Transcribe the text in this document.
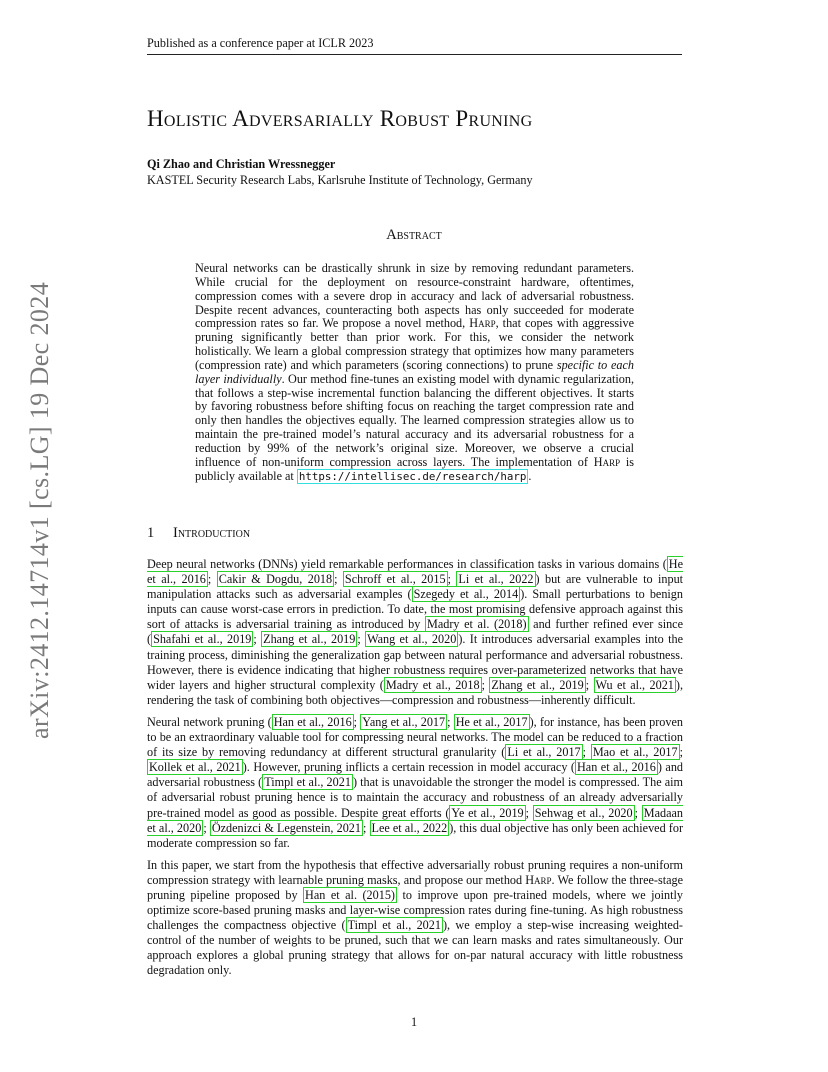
Published as a conference paper at ICLR 2023
arXiv:2412.14714v1 [cs.LG] 19 Dec 2024
Holistic Adversarially Robust Pruning
Qi Zhao and Christian Wressnegger
KASTEL Security Research Labs, Karlsruhe Institute of Technology, Germany
Abstract
Neural networks can be drastically shrunk in size by removing redundant parameters. While crucial for the deployment on resource-constraint hardware, oftentimes, compression comes with a severe drop in accuracy and lack of adversarial robustness. Despite recent advances, counteracting both aspects has only succeeded for moderate compression rates so far. We propose a novel method, Harp, that copes with aggressive pruning significantly better than prior work. For this, we consider the network holistically. We learn a global compression strategy that optimizes how many parameters (compression rate) and which parameters (scoring connections) to prune specific to each layer individually. Our method fine-tunes an existing model with dynamic regularization, that follows a step-wise incremental function balancing the different objectives. It starts by favoring robustness before shifting focus on reaching the target compression rate and only then handles the objectives equally. The learned compression strategies allow us to maintain the pre-trained model’s natural accuracy and its adversarial robustness for a reduction by 99% of the network’s original size. Moreover, we observe a crucial influence of non-uniform compression across layers. The implementation of Harp is publicly available at https://intellisec.de/research/harp .
1 Introduction

Deep neural networks (DNNs) yield remarkable performances in classification tasks in various domains ( He et al., 2016 ; Cakir & Dogdu, 2018 ; Schroff et al., 2015 ; Li et al., 2022 ) but are vulnerable to input manipulation attacks such as adversarial examples ( Szegedy et al., 2014 ). Small perturbations to benign inputs can cause worst-case errors in prediction. To date, the most promising defensive approach against this sort of attacks is adversarial training as introduced by Madry et al. (2018) and further refined ever since ( Shafahi et al., 2019 ; Zhang et al., 2019 ; Wang et al., 2020 ). It introduces adversarial examples into the training process, diminishing the generalization gap between natural performance and adversarial robustness. However, there is evidence indicating that higher robustness requires over-parameterized networks that have wider layers and higher structural complexity ( Madry et al., 2018 ; Zhang et al., 2019 ; Wu et al., 2021 ), rendering the task of combining both objectives—compression and robustness—inherently difficult.

Neural network pruning ( Han et al., 2016 ; Yang et al., 2017 ; He et al., 2017 ), for instance, has been proven to be an extraordinary valuable tool for compressing neural networks. The model can be reduced to a fraction of its size by removing redundancy at different structural granularity ( Li et al., 2017 ; Mao et al., 2017 ; Kollek et al., 2021 ). However, pruning inflicts a certain recession in model accuracy ( Han et al., 2016 ) and adversarial robustness ( Timpl et al., 2021 ) that is unavoidable the stronger the model is compressed. The aim of adversarial robust pruning hence is to maintain the accuracy and robustness of an already adversarially pre-trained model as good as possible. Despite great efforts ( Ye et al., 2019 ; Sehwag et al., 2020 ; Madaan et al., 2020 ; Özdenizci & Legenstein, 2021 ; Lee et al., 2022 ), this dual objective has only been achieved for moderate compression so far.

In this paper, we start from the hypothesis that effective adversarially robust pruning requires a non-uniform compression strategy with learnable pruning masks, and propose our method Harp. We follow the three-stage pruning pipeline proposed by Han et al. (2015) to improve upon pre-trained models, where we jointly optimize score-based pruning masks and layer-wise compression rates during fine-tuning. As high robustness challenges the compactness objective ( Timpl et al., 2021 ), we employ a step-wise increasing weighted-control of the number of weights to be pruned, such that we can learn masks and rates simultaneously. Our approach explores a global pruning strategy that allows for on-par natural accuracy with little robustness degradation only.

1
